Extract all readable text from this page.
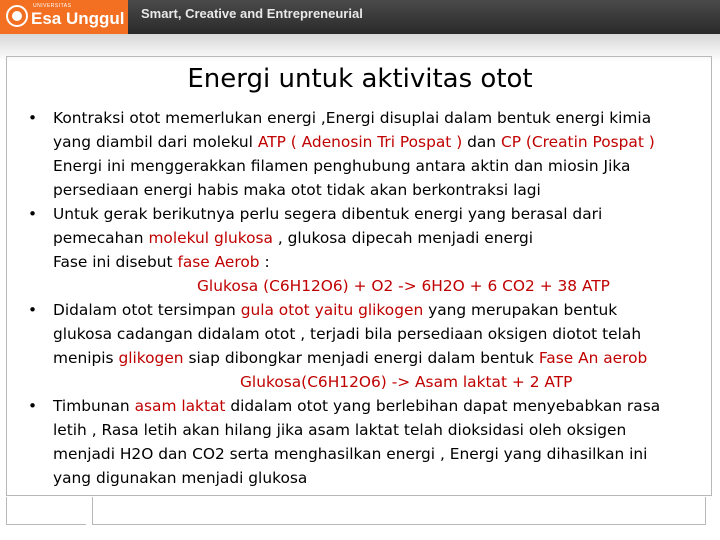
UNIVERSITAS
Esa Unggul Smart, Creative and Entrepreneurial
Energi untuk aktivitas otot
• Kontraksi otot memerlukan energi ,Energi disuplai dalam bentuk energi kimia
yang diambil dari molekul ATP ( Adenosin Tri Pospat ) dan CP (Creatin Pospat )
Energi ini menggerakkan filamen penghubung antara aktin dan miosin Jika
persediaan energi habis maka otot tidak akan berkontraksi lagi
• Untuk gerak berikutnya perlu segera dibentuk energi yang berasal dari
pemecahan molekul glukosa , glukosa dipecah menjadi energi
Fase ini disebut fase Aerob :
Glukosa (C6H12O6) + O2 -> 6H2O + 6 CO2 + 38 ATP
• Didalam otot tersimpan gula otot yaitu glikogen yang merupakan bentuk
glukosa cadangan didalam otot , terjadi bila persediaan oksigen diotot telah
menipis glikogen siap dibongkar menjadi energi dalam bentuk Fase An aerob
Glukosa(C6H12O6) -> Asam laktat + 2 ATP
• Timbunan asam laktat didalam otot yang berlebihan dapat menyebabkan rasa
letih , Rasa letih akan hilang jika asam laktat telah dioksidasi oleh oksigen
menjadi H2O dan CO2 serta menghasilkan energi , Energi yang dihasilkan ini
yang digunakan menjadi glukosa
